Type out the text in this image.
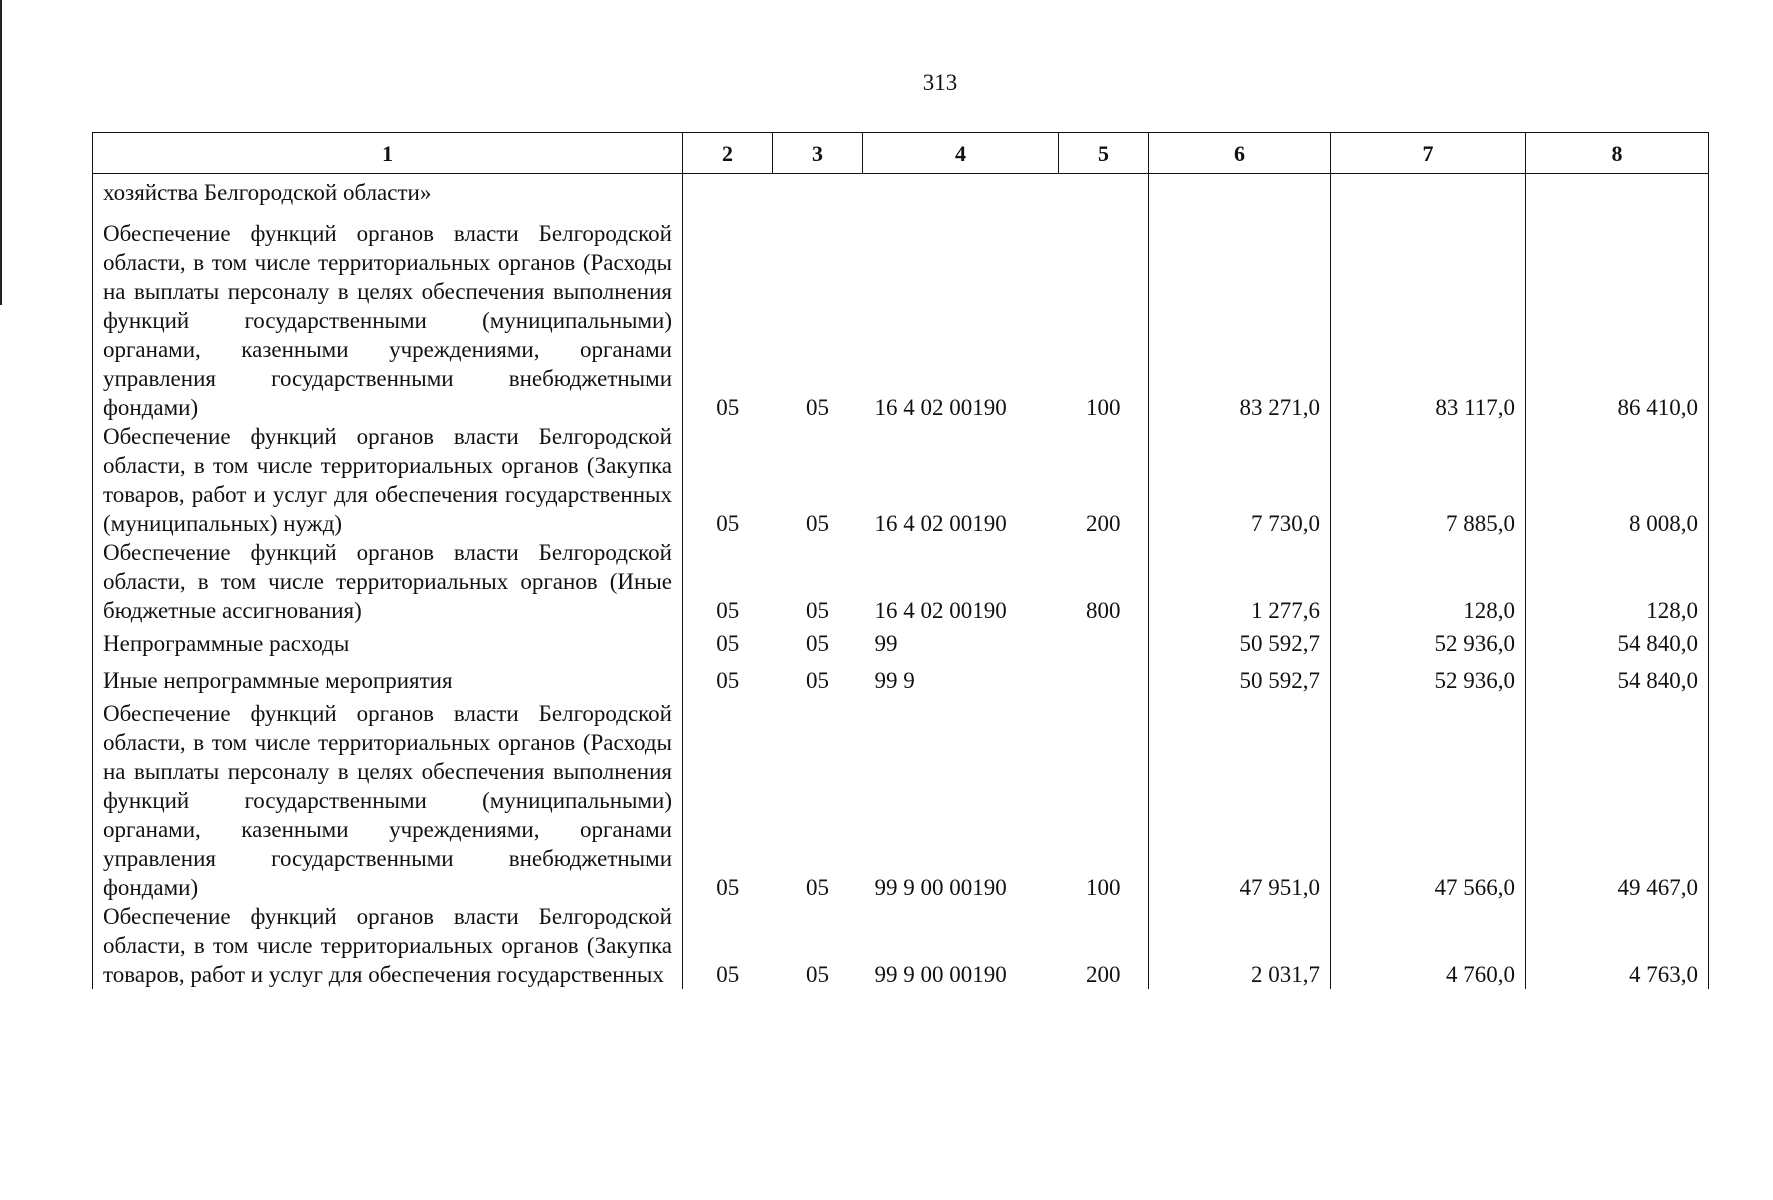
313
1	2	3	4	5	6	7	8
хозяйства Белгородской области»							
Обеспечение функций органов власти Белгородской области, в том числе территориальных органов (Расходы на выплаты персоналу в целях обеспечения выполнения функций государственными (муниципальными) органами, казенными учреждениями, органами управления государственными внебюджетными фондами)	05	05	16 4 02 00190	100	83 271,0	83 117,0	86 410,0
Обеспечение функций органов власти Белгородской области, в том числе территориальных органов (Закупка товаров, работ и услуг для обеспечения государственных (муниципальных) нужд)	05	05	16 4 02 00190	200	7 730,0	7 885,0	8 008,0
Обеспечение функций органов власти Белгородской области, в том числе территориальных органов (Иные бюджетные ассигнования)	05	05	16 4 02 00190	800	1 277,6	128,0	128,0
Непрограммные расходы	05	05	99		50 592,7	52 936,0	54 840,0
Иные непрограммные мероприятия	05	05	99 9		50 592,7	52 936,0	54 840,0
Обеспечение функций органов власти Белгородской области, в том числе территориальных органов (Расходы на выплаты персоналу в целях обеспечения выполнения функций государственными (муниципальными) органами, казенными учреждениями, органами управления государственными внебюджетными фондами)	05	05	99 9 00 00190	100	47 951,0	47 566,0	49 467,0
Обеспечение функций органов власти Белгородской области, в том числе территориальных органов (Закупка товаров, работ и услуг для обеспечения государственных	05	05	99 9 00 00190	200	2 031,7	4 760,0	4 763,0
